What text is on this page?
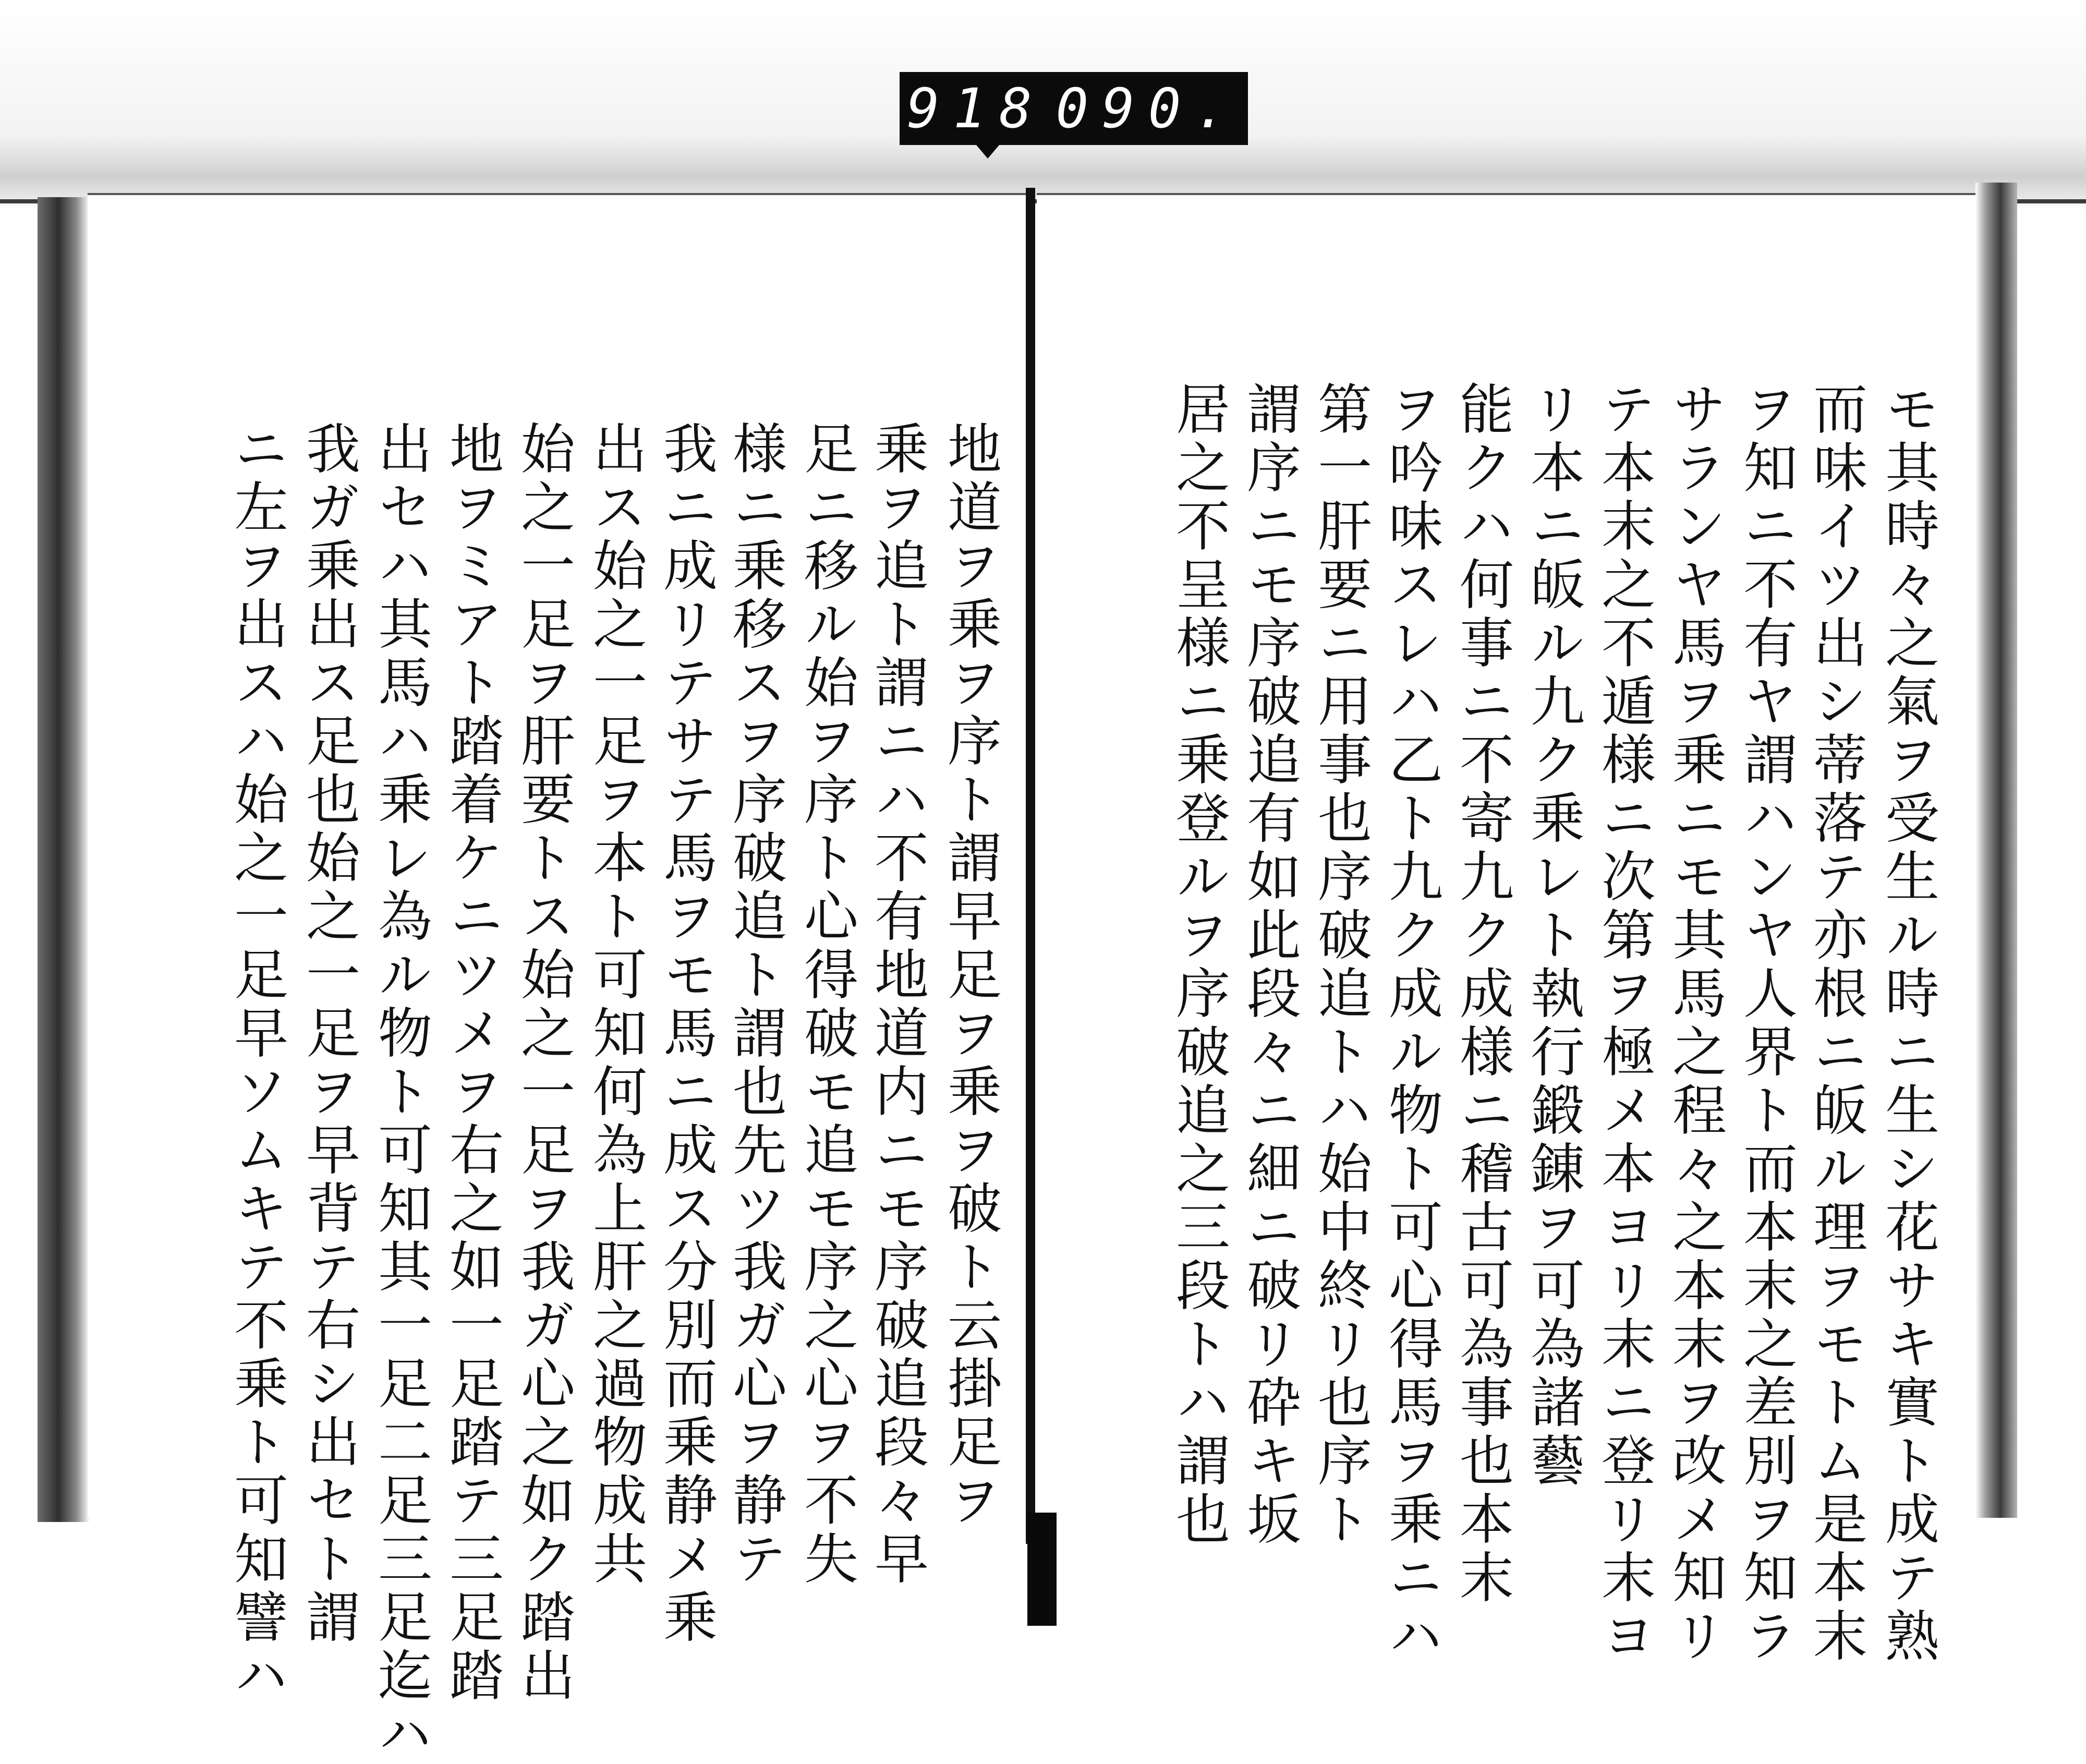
918 090.
地道ヲ乗ヲ序ト謂早足ヲ乗ヲ破ト云掛足ヲ
乗ヲ追ト謂ニハ不有地道内ニモ序破追段々早
足ニ移ル始ヲ序ト心得破モ追モ序之心ヲ不失
様ニ乗移スヲ序破追ト謂也先ツ我ガ心ヲ静テ
我ニ成リテサテ馬ヲモ馬ニ成ス分別而乗静メ乗
出ス始之一足ヲ本ト可知何為上肝之過物成共
始之一足ヲ肝要トス始之一足ヲ我ガ心之如ク踏出
地ヲミアト踏着ケニツメヲ右之如一足踏テ三足踏
出セハ其馬ハ乗レ為ル物ト可知其一足二足三足迄ハ
我ガ乗出ス足也始之一足ヲ早背テ右シ出セト謂
ニ左ヲ出スハ始之一足早ソムキテ不乗ト可知譬ハ	モ其時々之氣ヲ受生ル時ニ生シ花サキ實ト成テ熟
而味イツ出シ蒂落テ亦根ニ皈ル理ヲモトム是本末
ヲ知ニ不有ヤ謂ハンヤ人界ト而本末之差別ヲ知ラ
サランヤ馬ヲ乗ニモ其馬之程々之本末ヲ改メ知リ
テ本末之不遁様ニ次第ヲ極メ本ヨリ末ニ登リ末ヨ
リ本ニ皈ル九ク乗レト執行鍛錬ヲ可為諸藝
能クハ何事ニ不寄九ク成様ニ稽古可為事也本末
ヲ吟味スレハ乙ト九ク成ル物ト可心得馬ヲ乗ニハ
第一肝要ニ用事也序破追トハ始中終リ也序ト
謂序ニモ序破追有如此段々ニ細ニ破リ砕キ坂
居之不呈様ニ乗登ルヲ序破追之三段トハ謂也
